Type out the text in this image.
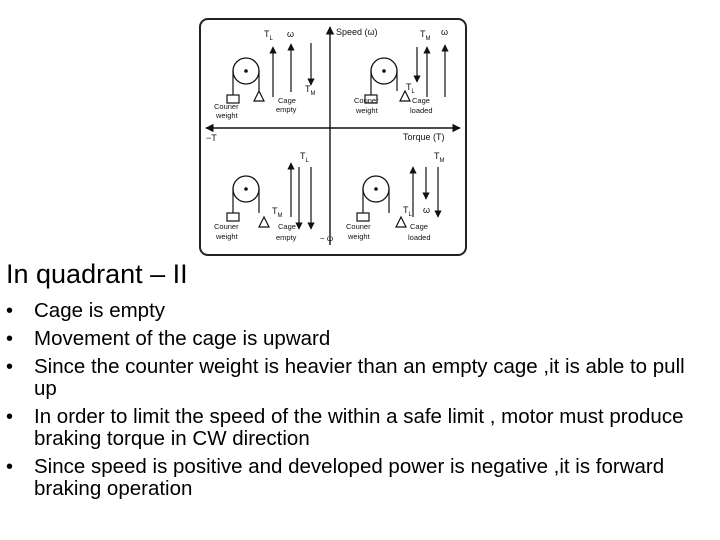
Speed (ω)
Torque (T)
−T
− ω
Couner weight
Cage empty
$T_L$ ω
$T_M$
Couner weight
Cage loaded
$T_M$
ω
$T_L$
Couner weight
Cage empty
$T_L$
$T_M$
Couner weight
Cage loaded
$T_M$
$T_L$ ω
In quadrant – II
• Cage is empty
• Movement of the cage is upward
• Since the counter weight is heavier than an empty cage ,it is able to pull up
• In order to limit the speed of the within a safe limit , motor must produce braking torque in CW direction
• Since speed is positive and developed power is negative ,it is forward braking operation
